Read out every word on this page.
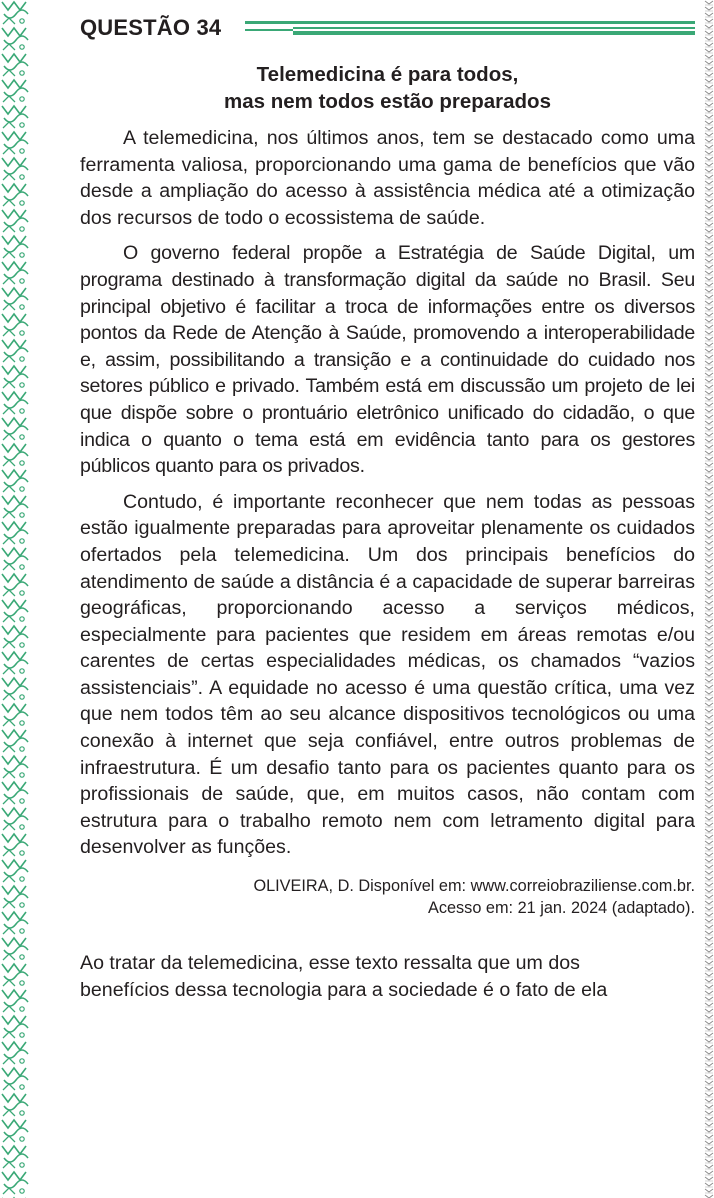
QUESTÃO 34
Telemedicina é para todos,
mas nem todos estão preparados

A telemedicina, nos últimos anos, tem se destacado como uma ferramenta valiosa, proporcionando uma gama de benefícios que vão desde a ampliação do acesso à assistência médica até a otimização dos recursos de todo o ecossistema de saúde.

O governo federal propõe a Estratégia de Saúde Digital, um programa destinado à transformação digital da saúde no Brasil. Seu principal objetivo é facilitar a troca de informações entre os diversos pontos da Rede de Atenção à Saúde, promovendo a interoperabilidade e, assim, possibilitando a transição e a continuidade do cuidado nos setores público e privado. Também está em discussão um projeto de lei que dispõe sobre o prontuário eletrônico unificado do cidadão, o que indica o quanto o tema está em evidência tanto para os gestores públicos quanto para os privados.

Contudo, é importante reconhecer que nem todas as pessoas estão igualmente preparadas para aproveitar plenamente os cuidados ofertados pela telemedicina. Um dos principais benefícios do atendimento de saúde a distância é a capacidade de superar barreiras geográficas, proporcionando acesso a serviços médicos, especialmente para pacientes que residem em áreas remotas e/ou carentes de certas especialidades médicas, os chamados “vazios assistenciais”. A equidade no acesso é uma questão crítica, uma vez que nem todos têm ao seu alcance dispositivos tecnológicos ou uma conexão à internet que seja confiável, entre outros problemas de infraestrutura. É um desafio tanto para os pacientes quanto para os profissionais de saúde, que, em muitos casos, não contam com estrutura para o trabalho remoto nem com letramento digital para desenvolver as funções.

OLIVEIRA, D. Disponível em: www.correiobraziliense.com.br.
Acesso em: 21 jan. 2024 (adaptado).
Ao tratar da telemedicina, esse texto ressalta que um dos
benefícios dessa tecnologia para a sociedade é o fato de ela
